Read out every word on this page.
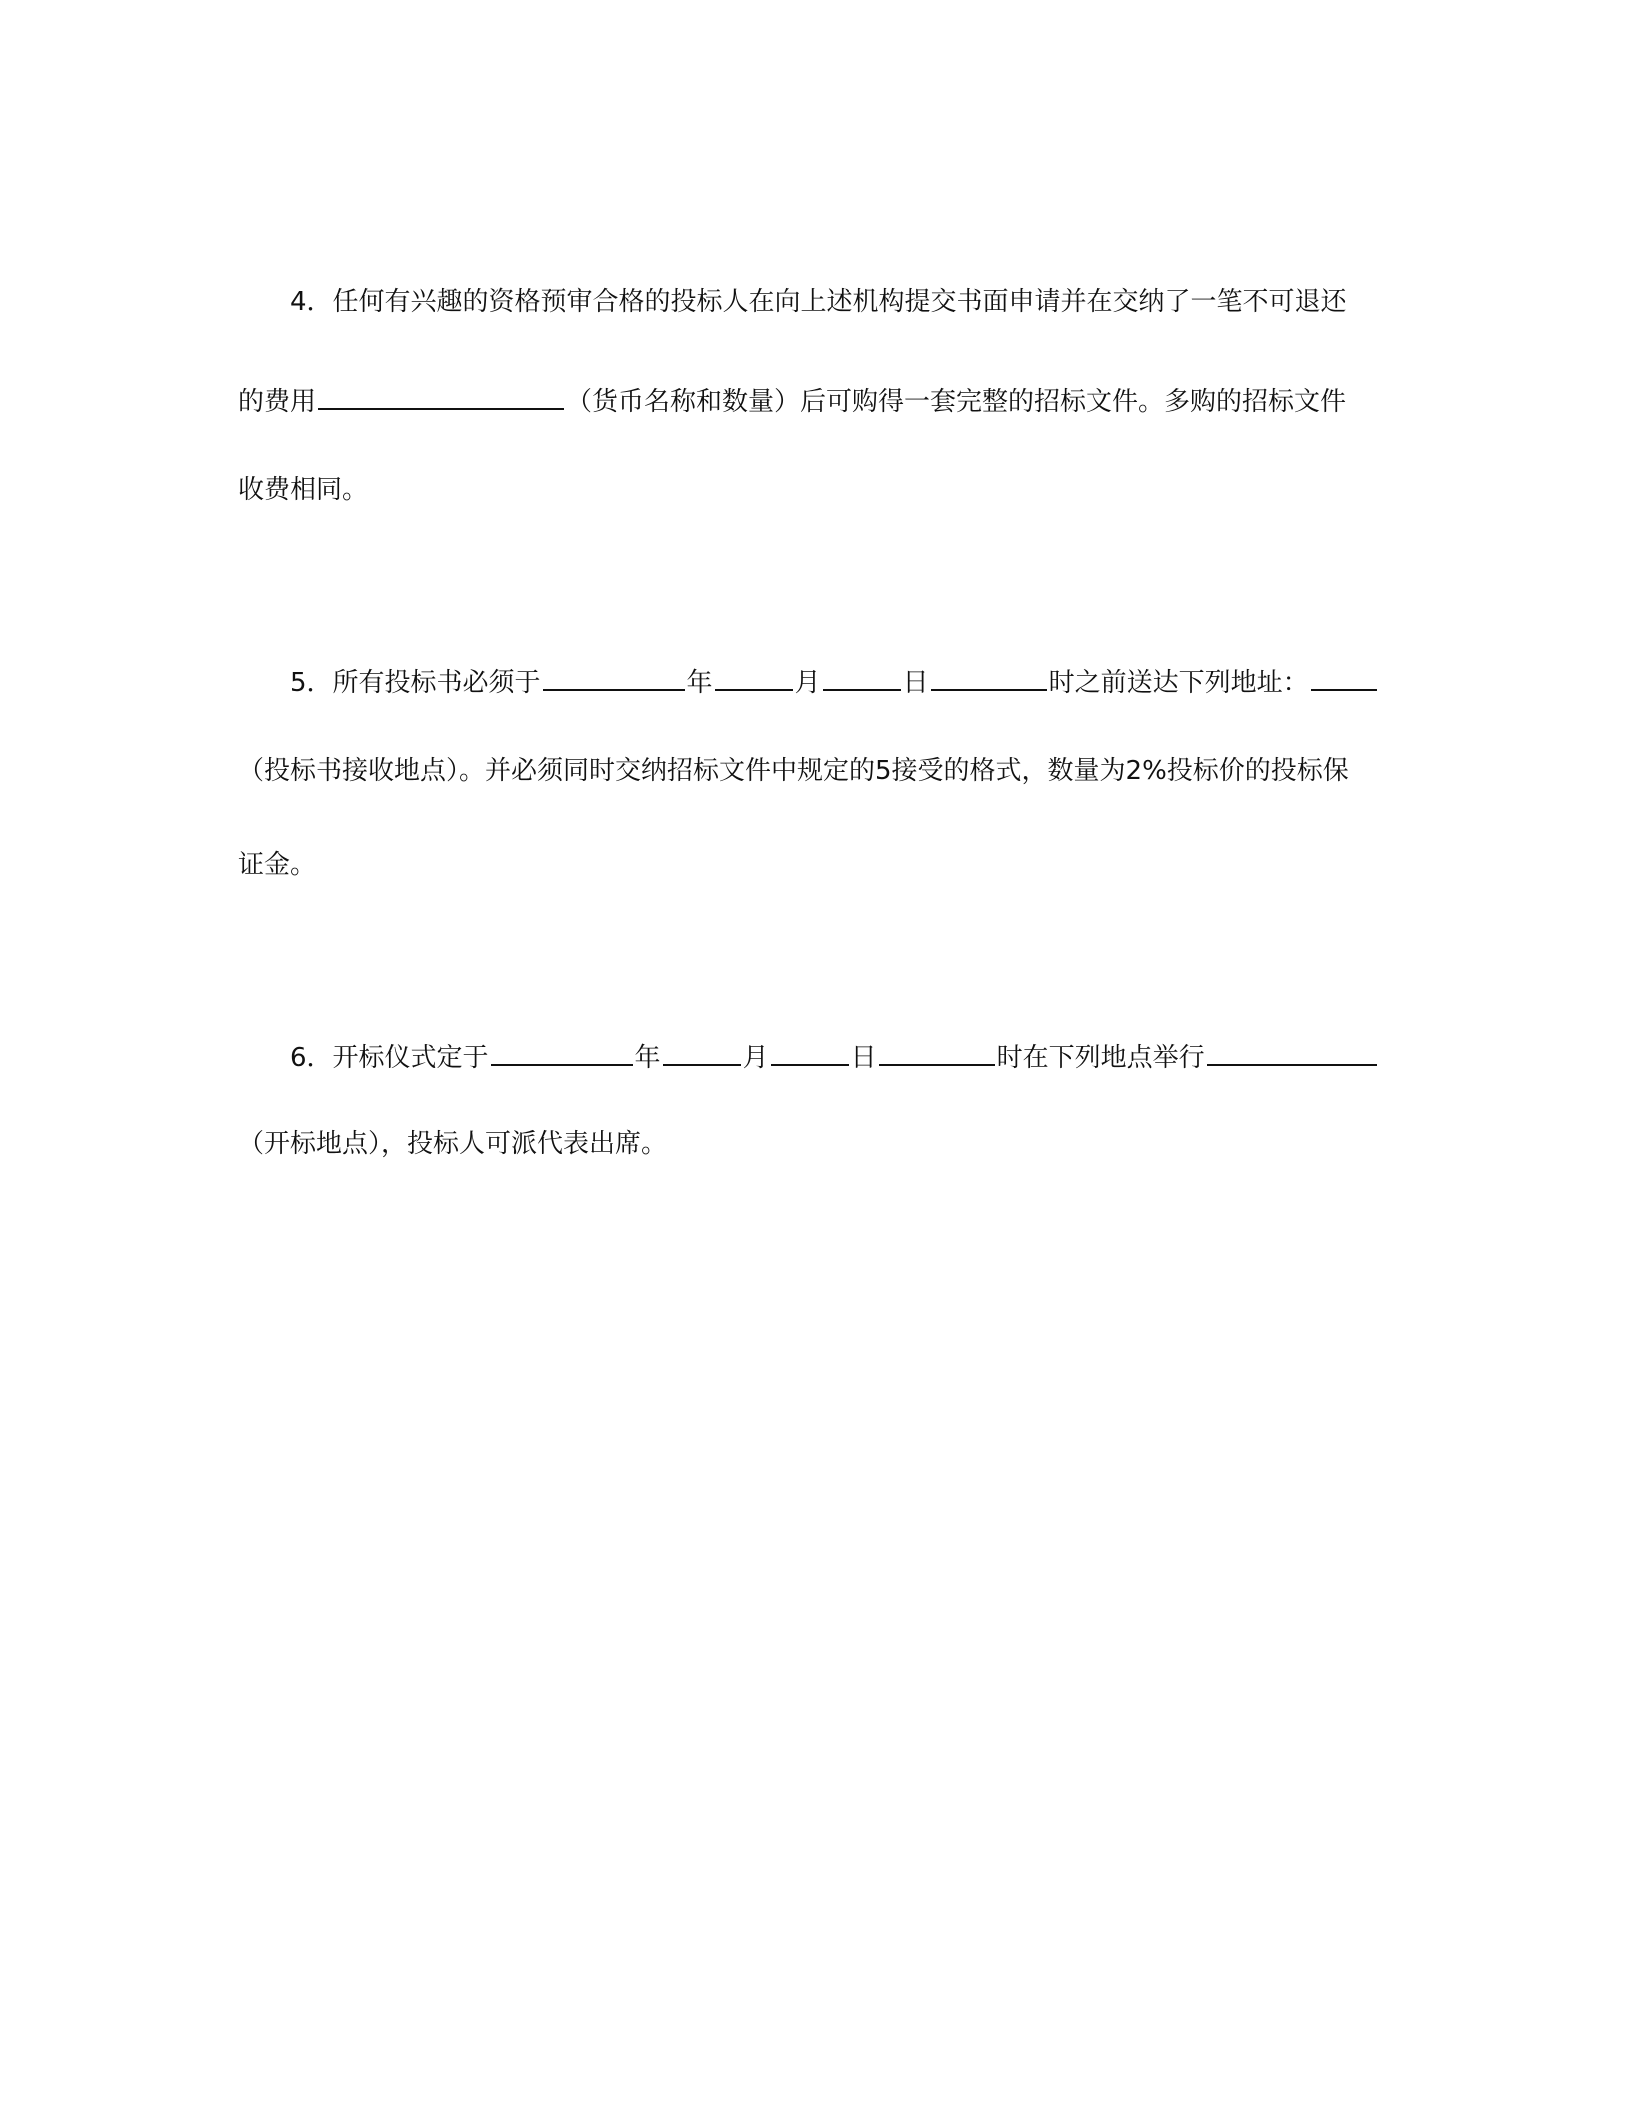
4．任何有兴趣的资格预审合格的投标人在向上述机构提交书面申请并在交纳了一笔不可退还
的费用	（货币名称和数量）后可购得一套完整的招标文件。多购的招标文件
收费相同。
5．所有投标书必须于	年	月	日	时之前送达下列地址：
（投标书接收地点）。并必须同时交纳招标文件中规定的5接受的格式，数量为2%投标价的投标保
证金。
6．开标仪式定于	年	月	日	时在下列地点举行
（开标地点），投标人可派代表出席。
